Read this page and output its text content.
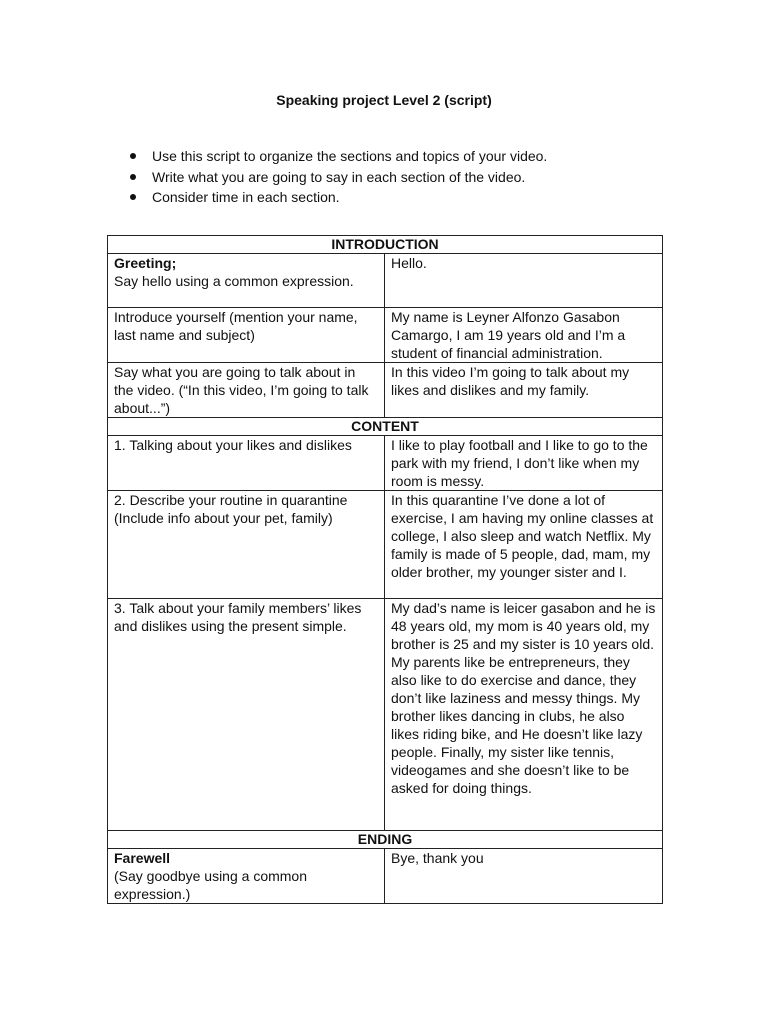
Speaking project Level 2 (script)
Use this script to organize the sections and topics of your video.
Write what you are going to say in each section of the video.
Consider time in each section.
INTRODUCTION	

Greeting;
Say hello using a common expression.	Hello.

Introduce yourself (mention your name, last name and subject)	My name is Leyner Alfonzo Gasabon Camargo, I am 19 years old and I’m a student of financial administration.

Say what you are going to talk about in the video. (“In this video, I’m going to talk about...”)	In this video I’m going to talk about my likes and dislikes and my family.

CONTENT	

1. Talking about your likes and dislikes	I like to play football and I like to go to the park with my friend, I don’t like when my room is messy.

2. Describe your routine in quarantine (Include info about your pet, family)	In this quarantine I’ve done a lot of exercise, I am having my online classes at college, I also sleep and watch Netflix. My family is made of 5 people, dad, mam, my older brother, my younger sister and I.

3. Talk about your family members’ likes and dislikes using the present simple.	My dad’s name is leicer gasabon and he is 48 years old, my mom is 40 years old, my brother is 25 and my sister is 10 years old.
My parents like be entrepreneurs, they also like to do exercise and dance, they don’t like laziness and messy things. My brother likes dancing in clubs, he also likes riding bike, and He doesn’t like lazy people. Finally, my sister like tennis, videogames and she doesn’t like to be asked for doing things.

ENDING	

Farewell
(Say goodbye using a common expression.)	Bye, thank you
